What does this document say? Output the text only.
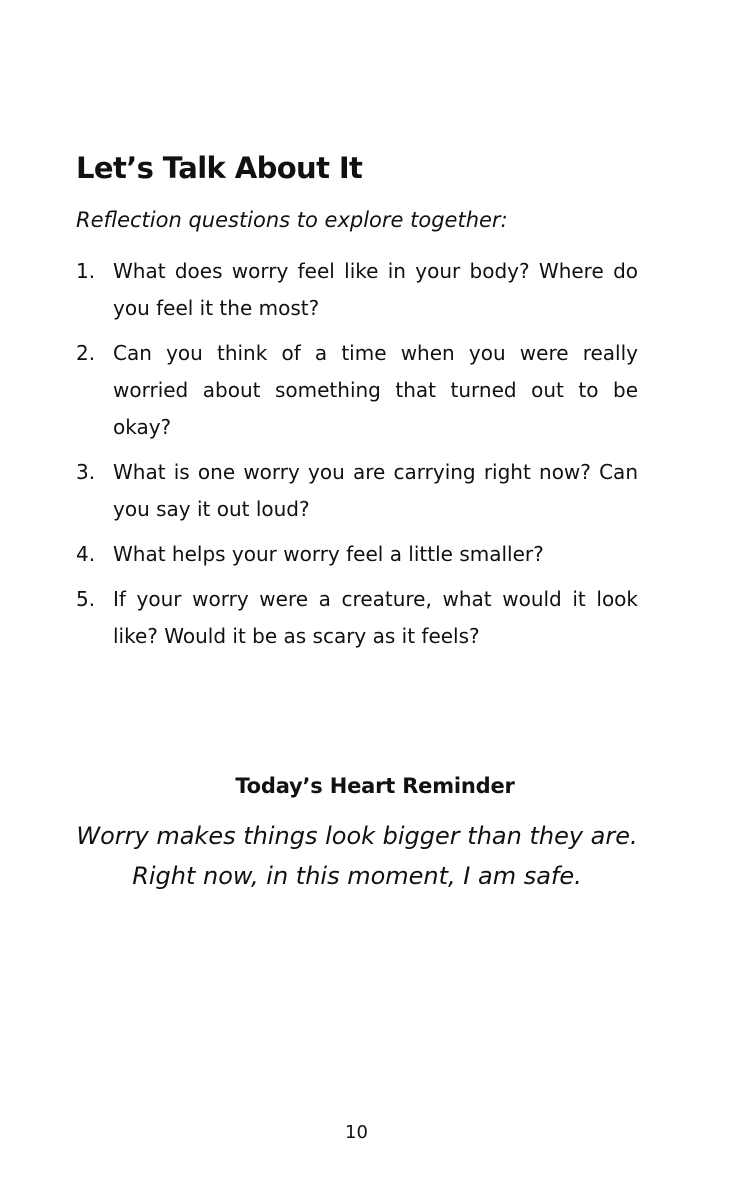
Let’s Talk About It

Reflection questions to explore together:

1. What does worry feel like in your body? Where do you feel it the most?
2. Can you think of a time when you were really worried about something that turned out to be okay?
3. What is one worry you are carrying right now? Can you say it out loud?
4. What helps your worry feel a little smaller?
5. If your worry were a creature, what would it look like? Would it be as scary as it feels?
Today’s Heart Reminder

Worry makes things look bigger than they are.

Right now, in this moment, I am safe.

10
